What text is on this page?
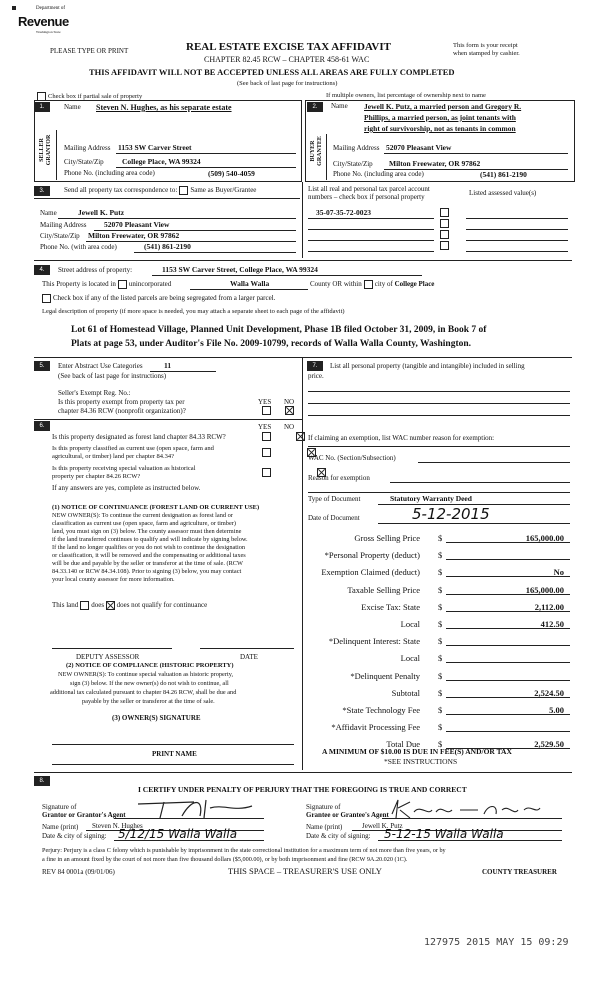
Department of
Revenue
Washington State
PLEASE TYPE OR PRINT	REAL ESTATE EXCISE TAX AFFIDAVIT
CHAPTER 82.45 RCW – CHAPTER 458-61 WAC
This form is your receipt
when stamped by cashier.
THIS AFFIDAVIT WILL NOT BE ACCEPTED UNLESS ALL AREAS ARE FULLY COMPLETED
(See back of last page for instructions)
Check box if partial sale of property	If multiple owners, list percentage of ownership next to name
1.	Name Steven N. Hughes, as his separate estate
SELLER GRANTOR Mailing Address 1153 SW Carver Street
City/State/Zip College Place, WA 99324
Phone No. (including area code)	(509) 540-4059
2.	Name Jewell K. Putz, a married person and Gregory R.
Phillips, a married person, as joint tenants with
right of survivorship, not as tenants in common
BUYER GRANTEE Mailing Address 52070 Pleasant View
City/State/Zip Milton Freewater, OR 97862
Phone No. (including area code)	(541) 861-2190
3.	Send all property tax correspondence to: Same as Buyer/Grantee	List all real and personal tax parcel account
numbers – check box if personal property	Listed assessed value(s)
Name	Jewell K. Putz
Mailing Address 52070 Pleasant View
City/State/Zip Milton Freewater, OR 97862
Phone No. (with area code)	(541) 861-2190
35-07-35-72-0023
4.	Street address of property:	1153 SW Carver Street, College Place, WA 99324
This Property is located in unincorporated	Walla Walla	County OR within city of College Place
Check box if any of the listed parcels are being segregated from a larger parcel.
Legal description of property (if more space is needed, you may attach a separate sheet to each page of the affidavit)
Lot 61 of Homestead Village, Planned Unit Development, Phase 1B filed October 31, 2009, in Book 7 of
Plats at page 53, under Auditor's File No. 2009-10799, records of Walla Walla County, Washington.
5.	Enter Abstract Use Categories	11
(See back of last page for instructions)
Seller's Exempt Reg. No.:
Is this property exempt from property tax per
chapter 84.36 RCW (nonprofit organization)?
YES NO

6.	YES NO
Is this property designated as forest land chapter 84.33 RCW?

Is this property classified as current use (open space, farm and
agricultural, or timber) land per chapter 84.34?

Is this property receiving special valuation as historical
property per chapter 84.26 RCW?
If any answers are yes, complete as instructed below.
(1) NOTICE OF CONTINUANCE (FOREST LAND OR CURRENT USE)
NEW OWNER(S): To continue the current designation as forest land or
classification as current use (open space, farm and agriculture, or timber)
land, you must sign on (3) below. The county assessor must then determine
if the land transferred continues to qualify and will indicate by signing below.
If the land no longer qualifies or you do not wish to continue the designation
or classification, it will be removed and the compensating or additional taxes
will be due and payable by the seller or transferor at the time of sale. (RCW
84.33.140 or RCW 84.34.108). Prior to signing (3) below, you may contact
your local county assessor for more information.
This land does does not qualify for continuance
DEPUTY ASSESSOR	DATE
(2) NOTICE OF COMPLIANCE (HISTORIC PROPERTY)
NEW OWNER(S): To continue special valuation as historic property,
sign (3) below. If the new owner(s) do not wish to continue, all
additional tax calculated pursuant to chapter 84.26 RCW, shall be due and
payable by the seller or transferor at the time of sale.
(3) OWNER(S) SIGNATURE
PRINT NAME
7.	List all personal property (tangible and intangible) included in selling
price.
If claiming an exemption, list WAC number reason for exemption:
WAC No. (Section/Subsection)
Reason for exemption
Type of Document	Statutory Warranty Deed
Date of Document	5-12-2015
Gross Selling Price $	165,000.00
*Personal Property (deduct) $
Exemption Claimed (deduct) $	No
Taxable Selling Price $	165,000.00
Excise Tax: State $	2,112.00
Local $	412.50
*Delinquent Interest: State $
Local $
*Delinquent Penalty $
Subtotal $	2,524.50
*State Technology Fee $	5.00
*Affidavit Processing Fee $
Total Due $	2,529.50
A MINIMUM OF $10.00 IS DUE IN FEE(S) AND/OR TAX
*SEE INSTRUCTIONS
8.
I CERTIFY UNDER PENALTY OF PERJURY THAT THE FOREGOING IS TRUE AND CORRECT
Signature of
Grantor or Grantor's Agent
Name (print) Steven N. Hughes
Date & city of signing: 5/12/15 Walla Walla
Signature of
Grantee or Grantee's Agent
Name (print)	Jewell K. Putz
Date & city of signing: 5-12-15 Walla Walla
Perjury: Perjury is a class C felony which is punishable by imprisonment in the state correctional institution for a maximum term of not more than five years, or by
a fine in an amount fixed by the court of not more than five thousand dollars ($5,000.00), or by both imprisonment and fine (RCW 9A.20.020 (1C).
REV 84 0001a (09/01/06)	THIS SPACE – TREASURER'S USE ONLY	COUNTY TREASURER
127975 2015 MAY 15 09:29
